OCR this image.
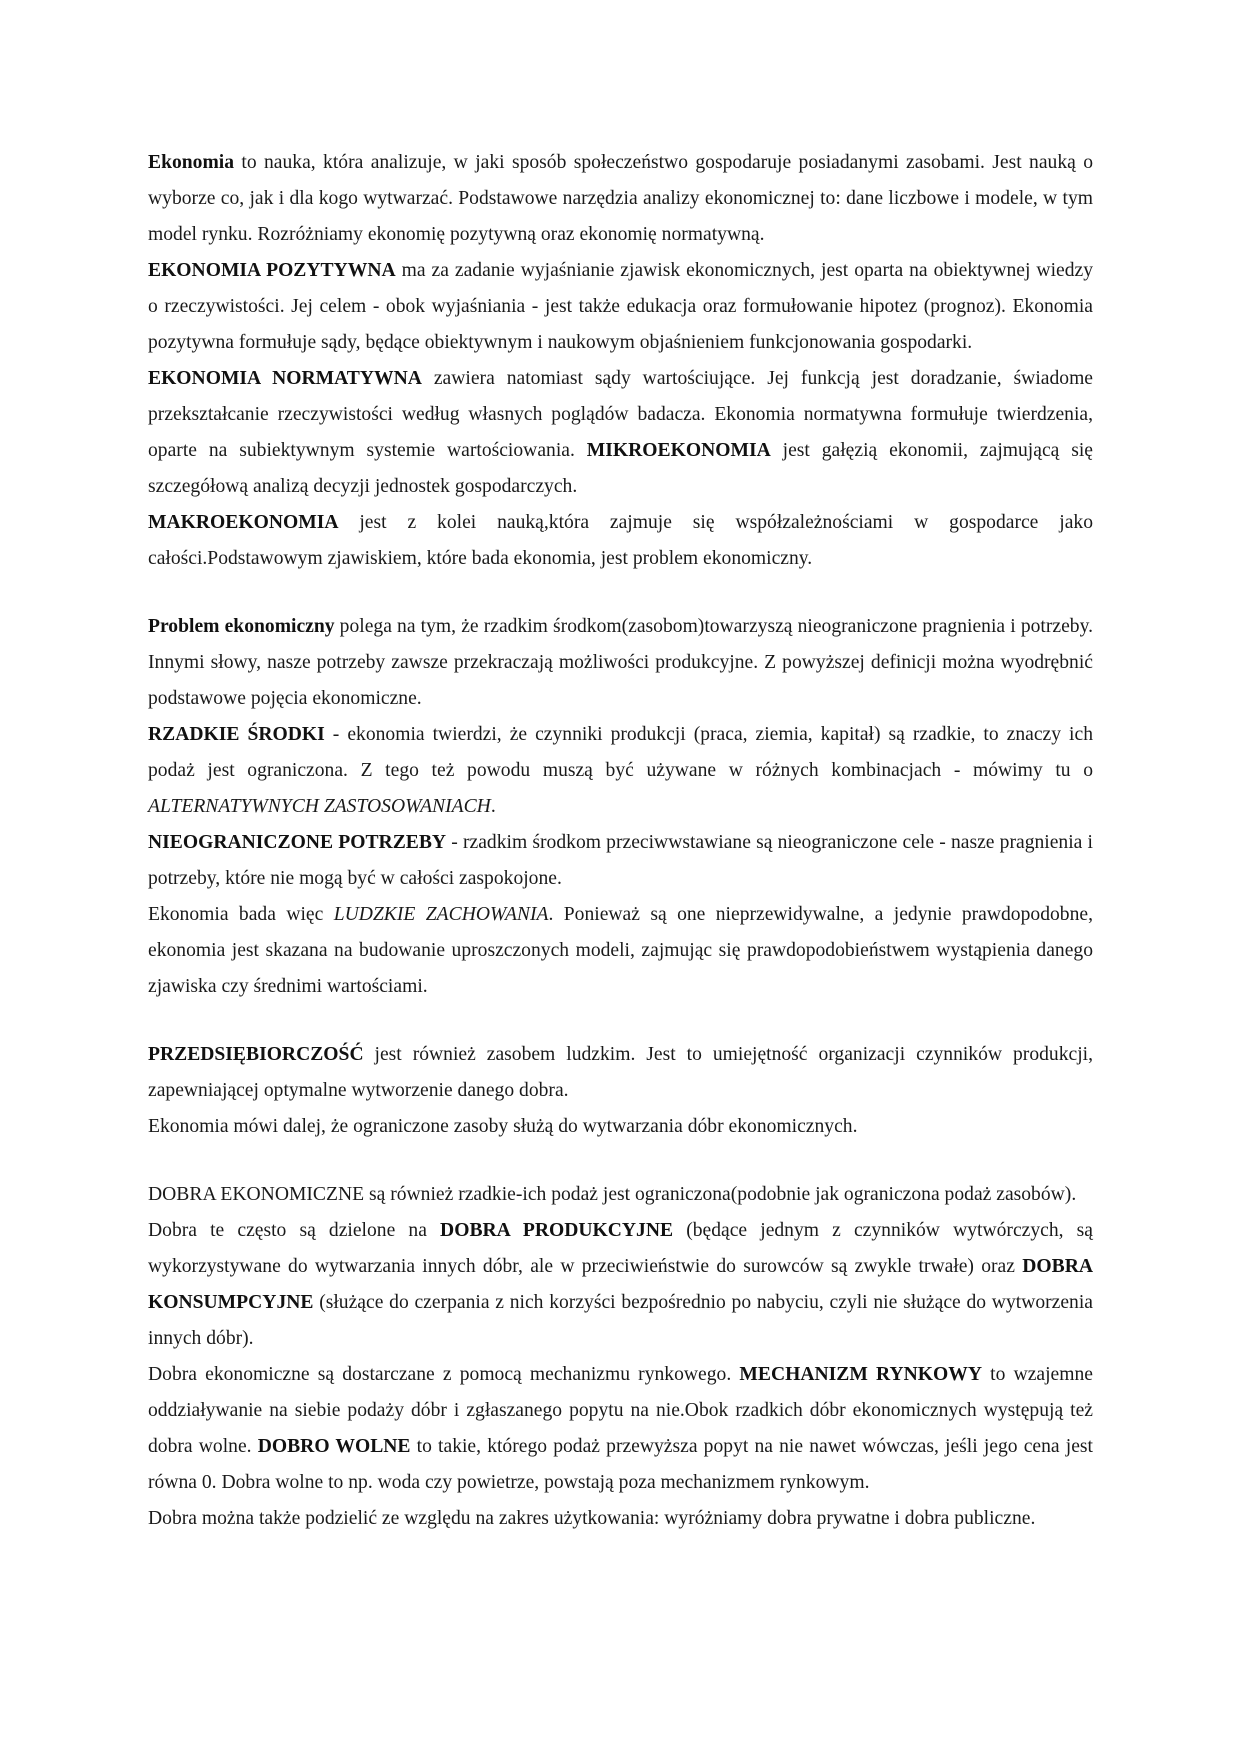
Ekonomia to nauka, która analizuje, w jaki sposób społeczeństwo gospodaruje posiadanymi zasobami. Jest nauką o wyborze co, jak i dla kogo wytwarzać. Podstawowe narzędzia analizy ekonomicznej to: dane liczbowe i modele, w tym model rynku. Rozróżniamy ekonomię pozytywną oraz ekonomię normatywną.

EKONOMIA POZYTYWNA ma za zadanie wyjaśnianie zjawisk ekonomicznych, jest oparta na obiektywnej wiedzy o rzeczywistości. Jej celem - obok wyjaśniania - jest także edukacja oraz formułowanie hipotez (prognoz). Ekonomia pozytywna formułuje sądy, będące obiektywnym i naukowym objaśnieniem funkcjonowania gospodarki.

EKONOMIA NORMATYWNA zawiera natomiast sądy wartościujące. Jej funkcją jest doradzanie, świadome przekształcanie rzeczywistości według własnych poglądów badacza. Ekonomia normatywna formułuje twierdzenia, oparte na subiektywnym systemie wartościowania. MIKROEKONOMIA jest gałęzią ekonomii, zajmującą się szczegółową analizą decyzji jednostek gospodarczych.

MAKROEKONOMIA jest z kolei nauką,która zajmuje się współzależnościami w gospodarce jako całości.Podstawowym zjawiskiem, które bada ekonomia, jest problem ekonomiczny.

Problem ekonomiczny polega na tym, że rzadkim środkom(zasobom)towarzyszą nieograniczone pragnienia i potrzeby. Innymi słowy, nasze potrzeby zawsze przekraczają możliwości produkcyjne. Z powyższej definicji można wyodrębnić podstawowe pojęcia ekonomiczne.

RZADKIE ŚRODKI - ekonomia twierdzi, że czynniki produkcji (praca, ziemia, kapitał) są rzadkie, to znaczy ich podaż jest ograniczona. Z tego też powodu muszą być używane w różnych kombinacjach - mówimy tu o ALTERNATYWNYCH ZASTOSOWANIACH.

NIEOGRANICZONE POTRZEBY - rzadkim środkom przeciwwstawiane są nieograniczone cele - nasze pragnienia i potrzeby, które nie mogą być w całości zaspokojone.

Ekonomia bada więc LUDZKIE ZACHOWANIA. Ponieważ są one nieprzewidywalne, a jedynie prawdopodobne, ekonomia jest skazana na budowanie uproszczonych modeli, zajmując się prawdopodobieństwem wystąpienia danego zjawiska czy średnimi wartościami.

PRZEDSIĘBIORCZOŚĆ jest również zasobem ludzkim. Jest to umiejętność organizacji czynników produkcji, zapewniającej optymalne wytworzenie danego dobra.

Ekonomia mówi dalej, że ograniczone zasoby służą do wytwarzania dóbr ekonomicznych.

DOBRA EKONOMICZNE są również rzadkie-ich podaż jest ograniczona(podobnie jak ograniczona podaż zasobów).

Dobra te często są dzielone na DOBRA PRODUKCYJNE (będące jednym z czynników wytwórczych, są wykorzystywane do wytwarzania innych dóbr, ale w przeciwieństwie do surowców są zwykle trwałe) oraz DOBRA KONSUMPCYJNE (służące do czerpania z nich korzyści bezpośrednio po nabyciu, czyli nie służące do wytworzenia innych dóbr).

Dobra ekonomiczne są dostarczane z pomocą mechanizmu rynkowego. MECHANIZM RYNKOWY to wzajemne oddziaływanie na siebie podaży dóbr i zgłaszanego popytu na nie.Obok rzadkich dóbr ekonomicznych występują też dobra wolne. DOBRO WOLNE to takie, którego podaż przewyższa popyt na nie nawet wówczas, jeśli jego cena jest równa 0. Dobra wolne to np. woda czy powietrze, powstają poza mechanizmem rynkowym.

Dobra można także podzielić ze względu na zakres użytkowania: wyróżniamy dobra prywatne i dobra publiczne.
